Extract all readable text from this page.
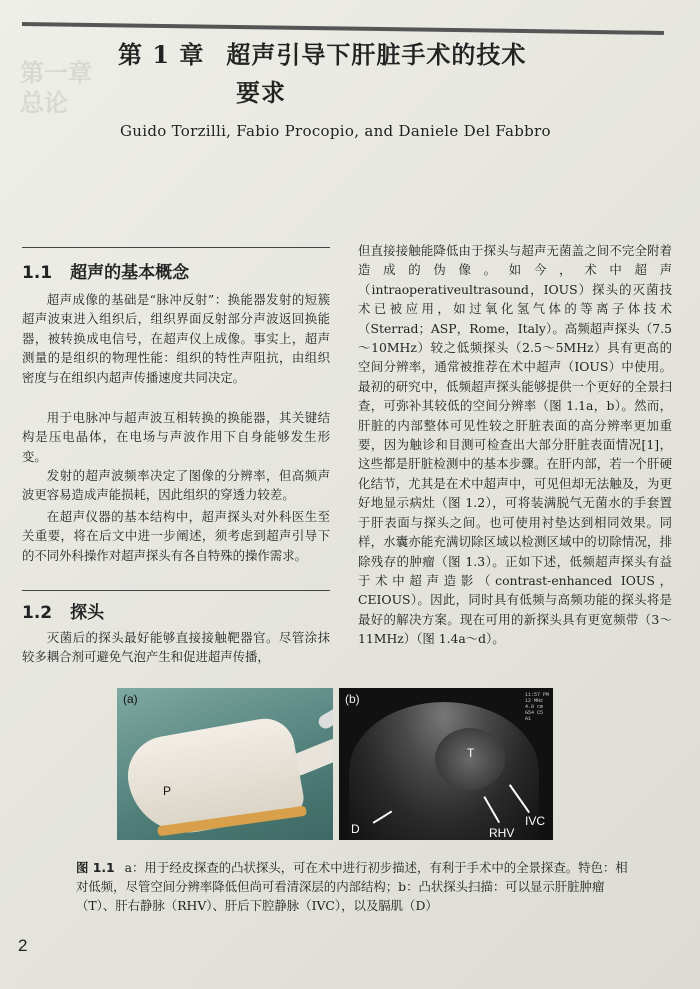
第一章 总论
第 1 章 超声引导下肝脏手术的技术
要求
Guido Torzilli, Fabio Procopio, and Daniele Del Fabbro
1.1 超声的基本概念

超声成像的基础是“脉冲反射”：换能器发射的短簇超声波束进入组织后，组织界面反射部分声波返回换能器，被转换成电信号，在超声仪上成像。事实上，超声测量的是组织的物理性能：组织的特性声阻抗，由组织密度与在组织内超声传播速度共同决定。

用于电脉冲与超声波互相转换的换能器，其关键结构是压电晶体，在电场与声波作用下自身能够发生形变。

发射的超声波频率决定了图像的分辨率，但高频声波更容易造成声能损耗，因此组织的穿透力较差。

在超声仪器的基本结构中，超声探头对外科医生至关重要，将在后文中进一步阐述，须考虑到超声引导下的不同外科操作对超声探头有各自特殊的操作需求。

1.2 探头

灭菌后的探头最好能够直接接触靶器官。尽管涂抹较多耦合剂可避免气泡产生和促进超声传播，

但直接接触能降低由于探头与超声无菌盖之间不完全附着造成的伪像。如今，术中超声（intraoperativeultrasound，IOUS）探头的灭菌技术已被应用，如过氧化氢气体的等离子体技术（Sterrad；ASP，Rome，Italy）。高频超声探头（7.5～10MHz）较之低频探头（2.5～5MHz）具有更高的空间分辨率，通常被推荐在术中超声（IOUS）中使用。最初的研究中，低频超声探头能够提供一个更好的全景扫查，可弥补其较低的空间分辨率（图 1.1a，b）。然而，肝脏的内部整体可见性较之肝脏表面的高分辨率更加重要，因为触诊和目测可检查出大部分肝脏表面情况[1]，这些都是肝脏检测中的基本步骤。在肝内部，若一个肝硬化结节，尤其是在术中超声中，可见但却无法触及，为更好地显示病灶（图 1.2），可将装满脱气无菌水的手套置于肝表面与探头之间。也可使用衬垫达到相同效果。同样，水囊亦能充满切除区域以检测区域中的切除情况，排除残存的肿瘤（图 1.3）。正如下述，低频超声探头有益于术中超声造影（contrast-enhanced IOUS，CEIOUS）。因此，同时具有低频与高频功能的探头将是最好的解决方案。现在可用的新探头具有更宽频带（3～11MHz）（图 1.4a～d）。

(a)
P
11:57 PM 12 MHz 4.8 cm G54 C5 A1
(b)
T
IVC
RHV
D

图 1.1 a：用于经皮探查的凸状探头，可在术中进行初步描述，有利于手术中的全景探查。特色：相对低频，尽管空间分辨率降低但尚可看清深层的内部结构；b：凸状探头扫描：可以显示肝脏肿瘤（T）、肝右静脉（RHV）、肝后下腔静脉（IVC），以及膈肌（D）

2
